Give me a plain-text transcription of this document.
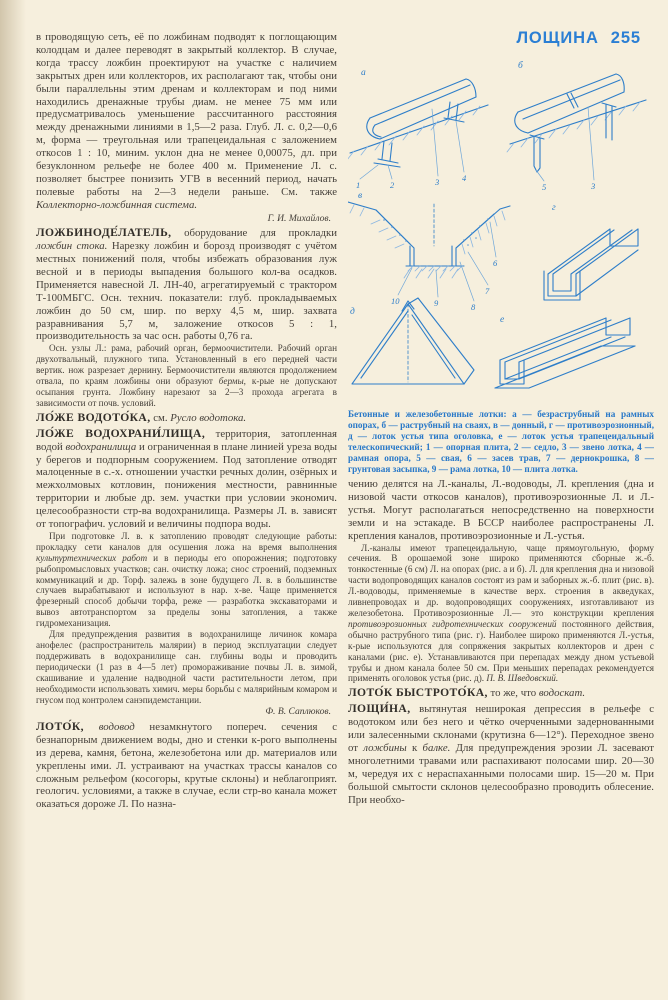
ЛОЩИНА 255

в проводящую сеть, её по ложбинам подводят к поглощающим колодцам и далее переводят в закрытый коллектор. В случае, когда трассу ложбин проектируют на участке с наличием закрытых дрен или коллекторов, их располагают так, чтобы они были параллельны этим дренам и коллекторам и под ними находились дренажные трубы диам. не менее 75 мм или предусматривалось уменьшение рассчитанного расстояния между дренажными линиями в 1,5—2 раза. Глуб. Л. с. 0,2—0,6 м, форма — треугольная или трапецеидальная с заложением откосов 1 : 10, миним. уклон дна не менее 0,00075, дл. при безуклонном рельефе не более 400 м. Применение Л. с. позволяет быстрее понизить УГВ в весенний период, начать полевые работы на 2—3 недели раньше. См. также Коллекторно-ложбинная система.

Г. И. Михайлов.

ЛОЖБИНОДЕ́ЛАТЕЛЬ, оборудование для прокладки ложбин стока. Нарезку ложбин и борозд производят с учётом местных понижений поля, чтобы избежать образования луж весной и в периоды выпадения большого кол-ва осадков. Применяется навесной Л. ЛН-40, агрегатируемый с трактором Т-100МБГС. Осн. технич. показатели: глуб. прокладываемых ложбин до 50 см, шир. по верху 4,5 м, шир. захвата разравнивания 5,7 м, заложение откосов 5 : 1, производительность за час осн. работы 0,76 га.

Осн. узлы Л.: рама, рабочий орган, бермоочистители. Рабочий орган двухотвальный, плужного типа. Установленный в его передней части вертик. нож разрезает дернину. Бермоочистители являются продолжением отвала, по краям ложбины они образуют бермы, к-рые не допускают осыпания грунта. Ложбину нарезают за 2—3 прохода агрегата в зависимости от почв. условий.

ЛО́ЖЕ ВОДОТО́КА, см. Русло водотока.

ЛО́ЖЕ ВОДОХРАНИ́ЛИЩА, территория, затопленная водой водохранилища и ограниченная в плане линией уреза воды у берегов и подпорным сооружением. Под затопление отводят малоценные в с.-х. отношении участки речных долин, озёрных и межхолмовых котловин, понижения местности, равнинные территории и любые др. зем. участки при условии экономич. целесообразности стр-ва водохранилища. Размеры Л. в. зависят от топографич. условий и величины подпора воды.

При подготовке Л. в. к затоплению проводят следующие работы: прокладку сети каналов для осушения ложа на время выполнения культуртехнических работ и в периоды его опорожнения; подготовку рыбопромысловых участков; сан. очистку ложа; снос строений, подземных коммуникаций и др. Торф. залежь в зоне будущего Л. в. в большинстве случаев вырабатывают и используют в нар. х-ве. Чаще применяется фрезерный способ добычи торфа, реже — разработка экскаваторами и вывоз автотранспортом за пределы зоны затопления, а также гидромеханизация.

Для предупреждения развития в водохранилище личинок комара анофелес (распространитель малярии) в период эксплуатации следует поддерживать в водохранилище сан. глубины воды и проводить периодически (1 раз в 4—5 лет) промораживание почвы Л. в. зимой, скашивание и удаление надводной части растительности летом, при необходимости использовать химич. меры борьбы с малярийным комаром и гнусом под контролем санэпидемстанции.

Ф. В. Саплюков.

ЛОТО́К, водовод незамкнутого попереч. сечения с безнапорным движением воды, дно и стенки к-рого выполнены из дерева, камня, бетона, железобетона или др. материалов или укреплены ими. Л. устраивают на участках трассы каналов со сложным рельефом (косогоры, крутые склоны) и неблагоприят. геологич. условиями, а также в случае, если стр-во канала может оказаться дороже Л. По назна-

а
1	2	3	4
б
5	3
в
10	9	8
7
6
г
д
е
Бетонные и железобетонные лотки: а — безраструбный на рамных опорах, б — раструбный на сваях, в — донный, г — противоэрозионный, д — лоток устья типа оголовка, е — лоток устья трапецеидальный телескопический; 1 — опорная плита, 2 — седло, 3 — звено лотка, 4 — рамная опора, 5 — свая, 6 — засев трав, 7 — дернокрошка, 8 — грунтовая засыпка, 9 — рама лотка, 10 — плита лотка.

чению делятся на Л.-каналы, Л.-водоводы, Л. крепления (дна и низовой части откосов каналов), противоэрозионные Л. и Л.-устья. Могут располагаться непосредственно на поверхности земли и на эстакаде. В БССР наиболее распространены Л. крепления каналов, противоэрозионные и Л.-устья.

Л.-каналы имеют трапецеидальную, чаще прямоугольную, форму сечения. В орошаемой зоне широко применяются сборные ж.-б. тонкостенные (6 см) Л. на опорах (рис. а и б). Л. для крепления дна и низовой части водопроводящих каналов состоят из рам и заборных ж.-б. плит (рис. в). Л.-водоводы, применяемые в качестве верх. строения в акведуках, ливнепроводах и др. водопроводящих сооружениях, изготавливают из железобетона. Противоэрозионные Л.— это конструкции крепления противоэрозионных гидротехнических сооружений постоянного действия, обычно раструбного типа (рис. г). Наиболее широко применяются Л.-устья, к-рые используются для сопряжения закрытых коллекторов и дрен с каналами (рис. е). Устанавливаются при перепадах между дном устьевой трубы и дном канала более 50 см. При меньших перепадах рекомендуется применять оголовок устья (рис. д). П. В. Шведовский.

ЛОТО́К БЫСТРОТО́КА, то же, что водоскат.

ЛОЩИ́НА, вытянутая неширокая депрессия в рельефе с водотоком или без него и чётко очерченными задернованными или залесенными склонами (крутизна 6—12°). Переходное звено от ложбины к балке. Для предупреждения эрозии Л. засевают многолетними травами или распахивают полосами шир. 20—30 м, чередуя их с нераспаханными полосами шир. 15—20 м. При большой смытости склонов целесообразно проводить облесение. При необхо-
